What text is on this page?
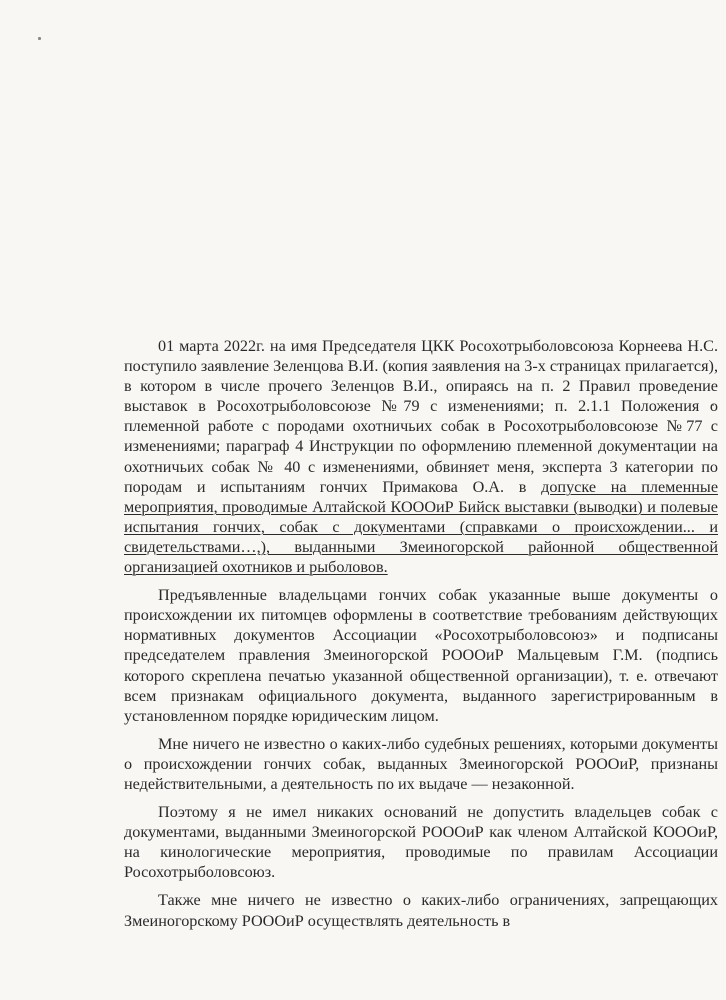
01 марта 2022г. на имя Председателя ЦКК Росохотрыболовсоюза Корнеева Н.С. поступило заявление Зеленцова В.И. (копия заявления на 3-х страницах прилагается), в котором в числе прочего Зеленцов В.И., опираясь на п. 2 Правил проведение выставок в Росохотрыболовсоюзе №79 с изменениями; п. 2.1.1 Положения о племенной работе с породами охотничьих собак в Росохотрыболовсоюзе №77 с изменениями; параграф 4 Инструкции по оформлению племенной документации на охотничьих собак № 40 с изменениями, обвиняет меня, эксперта 3 категории по породам и испытаниям гончих Примакова О.А. в допуске на племенные мероприятия, проводимые Алтайской КОООиР Бийск выставки (выводки) и полевые испытания гончих, собак с документами (справками о происхождении... и свидетельствами…,), выданными Змеиногорской районной общественной организацией охотников и рыболовов.

Предъявленные владельцами гончих собак указанные выше документы о происхождении их питомцев оформлены в соответствие требованиям действующих нормативных документов Ассоциации «Росохотрыболовсоюз» и подписаны председателем правления Змеиногорской РОООиР Мальцевым Г.М. (подпись которого скреплена печатью указанной общественной организации), т. е. отвечают всем признакам официального документа, выданного зарегистрированным в установленном порядке юридическим лицом.

Мне ничего не известно о каких-либо судебных решениях, которыми документы о происхождении гончих собак, выданных Змеиногорской РОООиР, признаны недействительными, а деятельность по их выдаче — незаконной.

Поэтому я не имел никаких оснований не допустить владельцев собак с документами, выданными Змеиногорской РОООиР как членом Алтайской КОООиР, на кинологические мероприятия, проводимые по правилам Ассоциации Росохотрыболовсоюз.

Также мне ничего не известно о каких-либо ограничениях, запрещающих Змеиногорскому РОООиР осуществлять деятельность в
